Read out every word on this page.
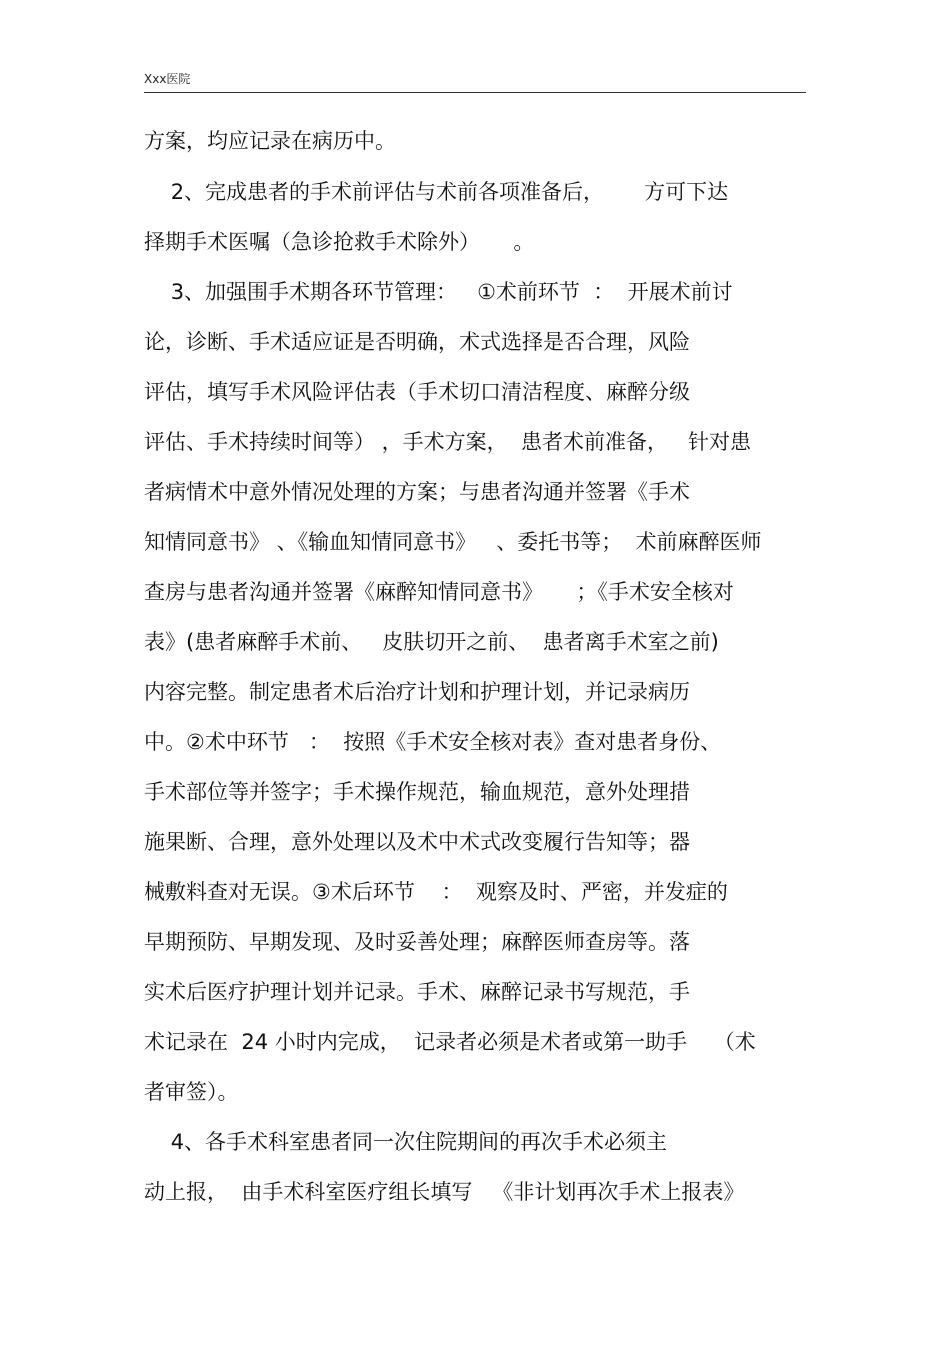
Xxx医院
方案，均应记录在病历中。
2、完成患者的手术前评估与术前各项准备后，      方可下达
择期手术医嘱（急诊抢救手术除外）     。
3、加强围手术期各环节管理：   ①术前环节  ：  开展术前讨
论，诊断、手术适应证是否明确，术式选择是否合理，风险
评估，填写手术风险评估表（手术切口清洁程度、麻醉分级
评估、手术持续时间等） ，手术方案，  患者术前准备，   针对患
者病情术中意外情况处理的方案；与患者沟通并签署《手术
知情同意书》 、《输血知情同意书》   、委托书等；  术前麻醉医师
查房与患者沟通并签署《麻醉知情同意书》     ；《手术安全核对
表》(患者麻醉手术前、   皮肤切开之前、  患者离手术室之前)
内容完整。制定患者术后治疗计划和护理计划，并记录病历
中。②术中环节   ：  按照《手术安全核对表》查对患者身份、
手术部位等并签字；手术操作规范，输血规范，意外处理措
施果断、合理，意外处理以及术中术式改变履行告知等；器
械敷料查对无误。③术后环节    ：  观察及时、严密，并发症的
早期预防、早期发现、及时妥善处理；麻醉医师查房等。落
实术后医疗护理计划并记录。手术、麻醉记录书写规范，手
术记录在  24 小时内完成，  记录者必须是术者或第一助手    （术
者审签）。
4、各手术科室患者同一次住院期间的再次手术必须主
动上报，  由手术科室医疗组长填写   《非计划再次手术上报表》
